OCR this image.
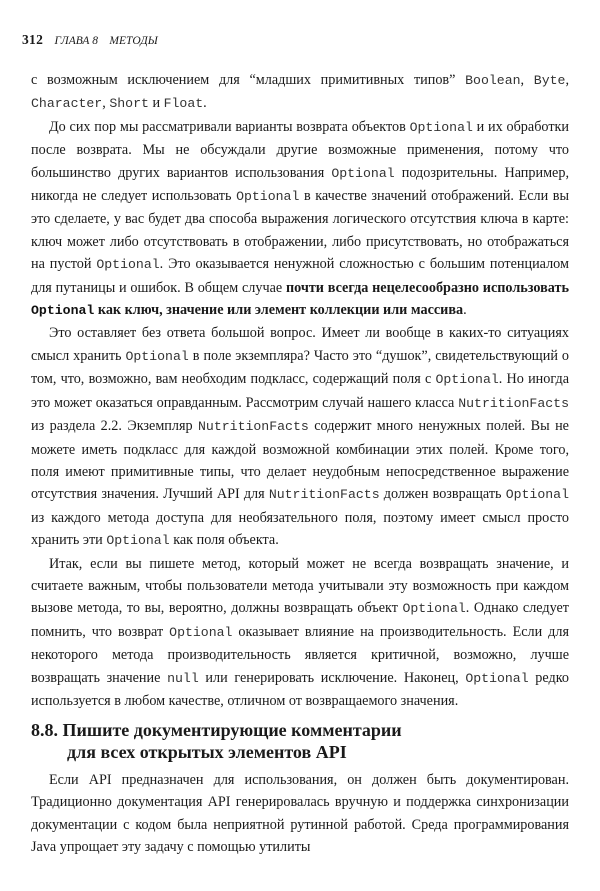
312 ГЛАВА 8 МЕТОДЫ

с возможным исключением для “младших примитивных типов” Boolean, Byte, Character, Short и Float.

До сих пор мы рассматривали варианты возврата объектов Optional и их обработки после возврата. Мы не обсуждали другие возможные применения, потому что большинство других вариантов использования Optional подозрительны. Например, никогда не следует использовать Optional в качестве значений отображений. Если вы это сделаете, у вас будет два способа выражения логического отсутствия ключа в карте: ключ может либо отсутствовать в отображении, либо присутствовать, но отображаться на пустой Optional. Это оказывается ненужной сложностью с большим потенциалом для путаницы и ошибок. В общем случае почти всегда нецелесообразно использовать Optional как ключ, значение или элемент коллекции или массива.

Это оставляет без ответа большой вопрос. Имеет ли вообще в каких-то ситуациях смысл хранить Optional в поле экземпляра? Часто это “душок”, свидетельствующий о том, что, возможно, вам необходим подкласс, содержащий поля с Optional. Но иногда это может оказаться оправданным. Рассмотрим случай нашего класса NutritionFacts из раздела 2.2. Экземпляр NutritionFacts содержит много ненужных полей. Вы не можете иметь подкласс для каждой возможной комбинации этих полей. Кроме того, поля имеют примитивные типы, что делает неудобным непосредственное выражение отсутствия значения. Лучший API для NutritionFacts должен возвращать Optional из каждого метода доступа для необязательного поля, поэтому имеет смысл просто хранить эти Optional как поля объекта.

Итак, если вы пишете метод, который может не всегда возвращать значение, и считаете важным, чтобы пользователи метода учитывали эту возможность при каждом вызове метода, то вы, вероятно, должны возвращать объект Optional. Однако следует помнить, что возврат Optional оказывает влияние на производительность. Если для некоторого метода производительность является критичной, возможно, лучше возвращать значение null или генерировать исключение. Наконец, Optional редко используется в любом качестве, отличном от возвращаемого значения.

8.8. Пишите документирующие комментарии
для всех открытых элементов API

Если API предназначен для использования, он должен быть документирован. Традиционно документация API генерировалась вручную и поддержка синхронизации документации с кодом была неприятной рутинной работой. Среда программирования Java упрощает эту задачу с помощью утилиты
